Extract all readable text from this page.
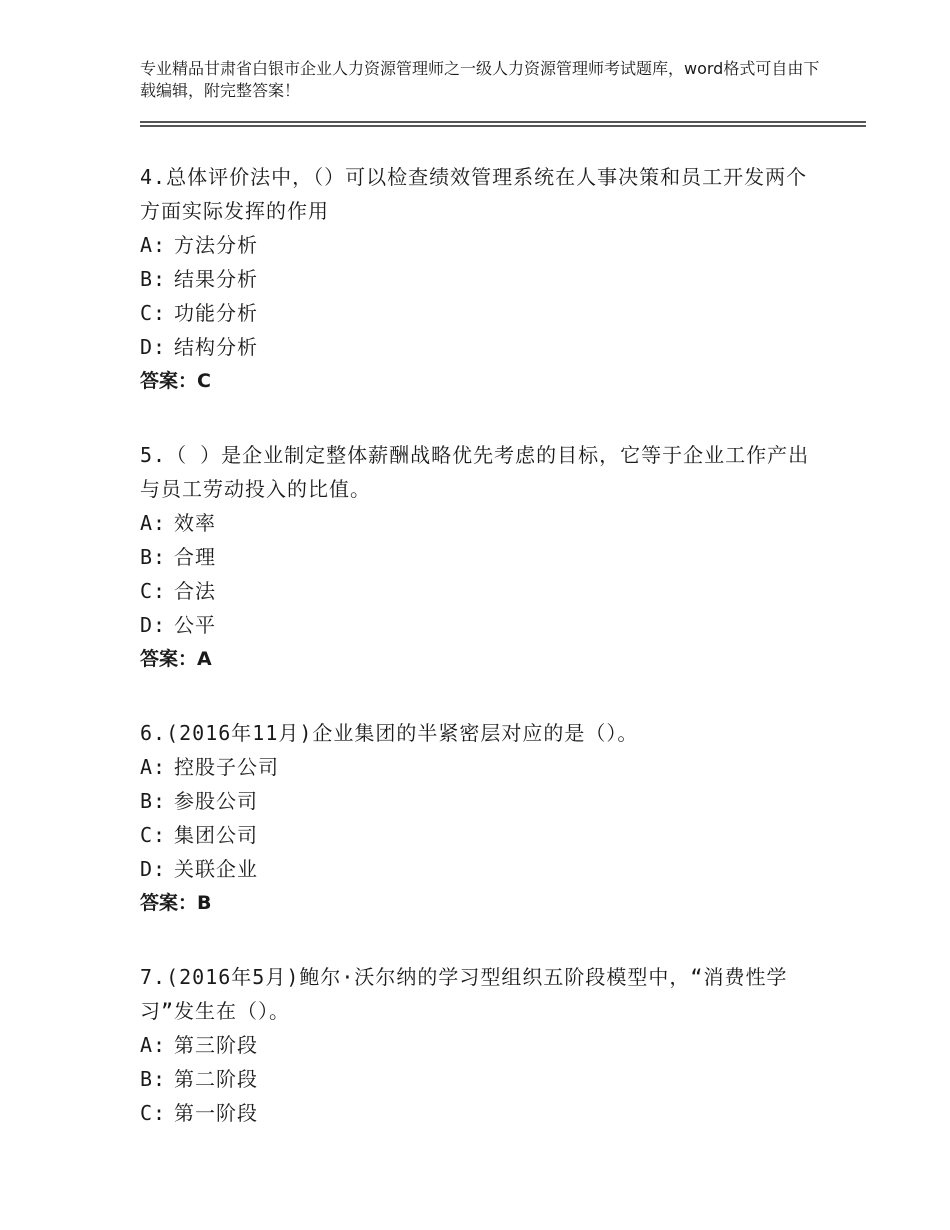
专业精品甘肃省白银市企业人力资源管理师之一级人力资源管理师考试题库，word格式可自由下载编辑，附完整答案！
4.总体评价法中，（）可以检查绩效管理系统在人事决策和员工开发两个方面实际发挥的作用
A: 方法分析
B: 结果分析
C: 功能分析
D: 结构分析
答案：C
5.（ ）是企业制定整体薪酬战略优先考虑的目标，它等于企业工作产出与员工劳动投入的比值。
A: 效率
B: 合理
C: 合法
D: 公平
答案：A
6.(2016年11月)企业集团的半紧密层对应的是（）。
A: 控股子公司
B: 参股公司
C: 集团公司
D: 关联企业
答案：B
7.(2016年5月)鲍尔·沃尔纳的学习型组织五阶段模型中，“消费性学习”发生在（）。
A: 第三阶段
B: 第二阶段
C: 第一阶段
